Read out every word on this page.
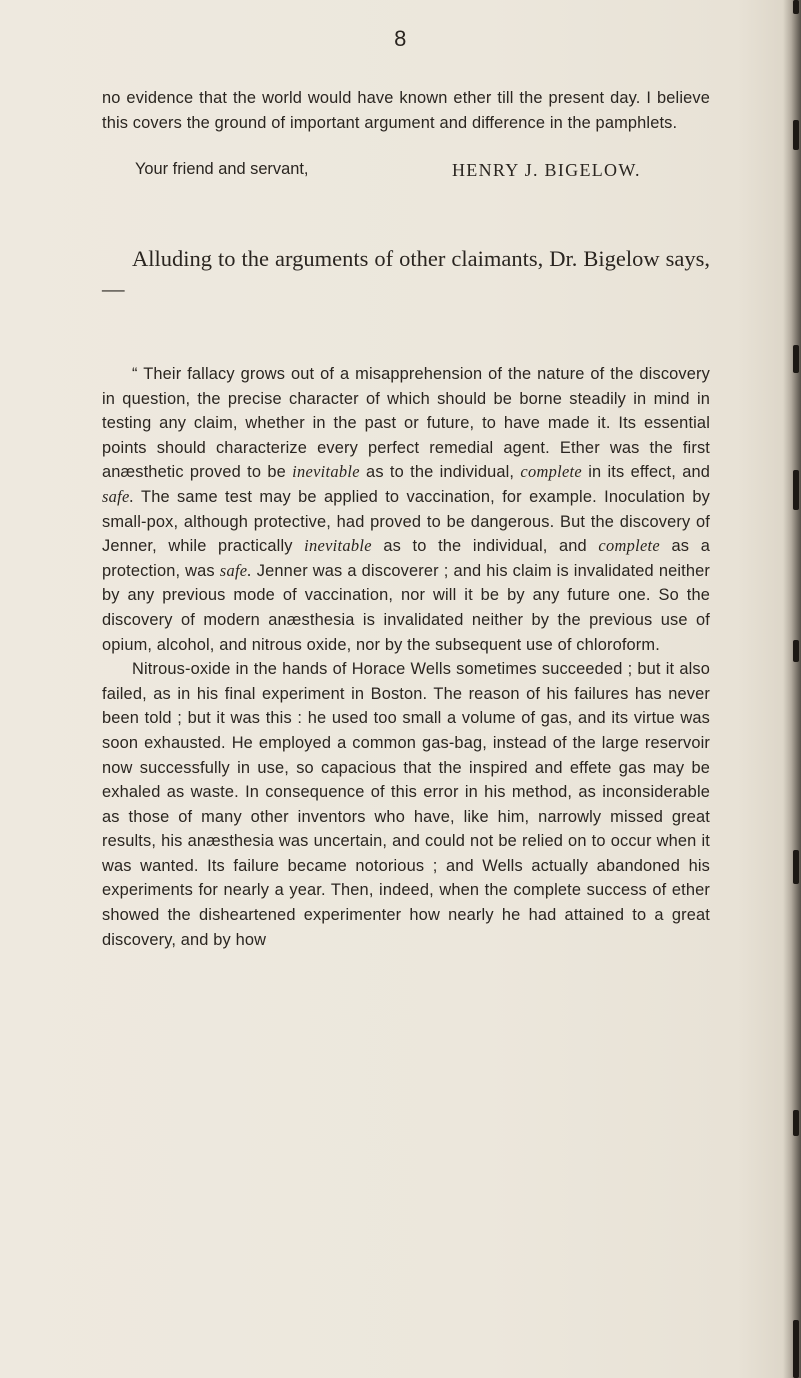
8

no evidence that the world would have known ether till the present day. I believe this covers the ground of important argument and difference in the pamphlets.

Your friend and servant,	HENRY J. BIGELOW.
Alluding to the arguments of other claimants, Dr. Bigelow says, —

“ Their fallacy grows out of a misapprehension of the nature of the discovery in question, the precise character of which should be borne steadily in mind in testing any claim, whether in the past or future, to have made it. Its essential points should characterize every perfect remedial agent. Ether was the first anæsthetic proved to be inevitable as to the individual, complete in its effect, and safe. The same test may be applied to vaccination, for example. Inoculation by small-pox, although protective, had proved to be dangerous. But the discovery of Jenner, while practically inevitable as to the individual, and complete as a protection, was safe. Jenner was a discoverer ; and his claim is invalidated neither by any previous mode of vaccination, nor will it be by any future one. So the discovery of modern anæsthesia is invalidated neither by the previous use of opium, alcohol, and nitrous oxide, nor by the subsequent use of chloroform.

Nitrous-oxide in the hands of Horace Wells sometimes succeeded ; but it also failed, as in his final experiment in Boston. The reason of his failures has never been told ; but it was this : he used too small a volume of gas, and its virtue was soon exhausted. He employed a common gas-bag, instead of the large reservoir now successfully in use, so capacious that the inspired and effete gas may be exhaled as waste. In consequence of this error in his method, as inconsiderable as those of many other inventors who have, like him, narrowly missed great results, his anæsthesia was uncertain, and could not be relied on to occur when it was wanted. Its failure became notorious ; and Wells actually abandoned his experiments for nearly a year. Then, indeed, when the complete success of ether showed the disheartened experimenter how nearly he had attained to a great discovery, and by how
